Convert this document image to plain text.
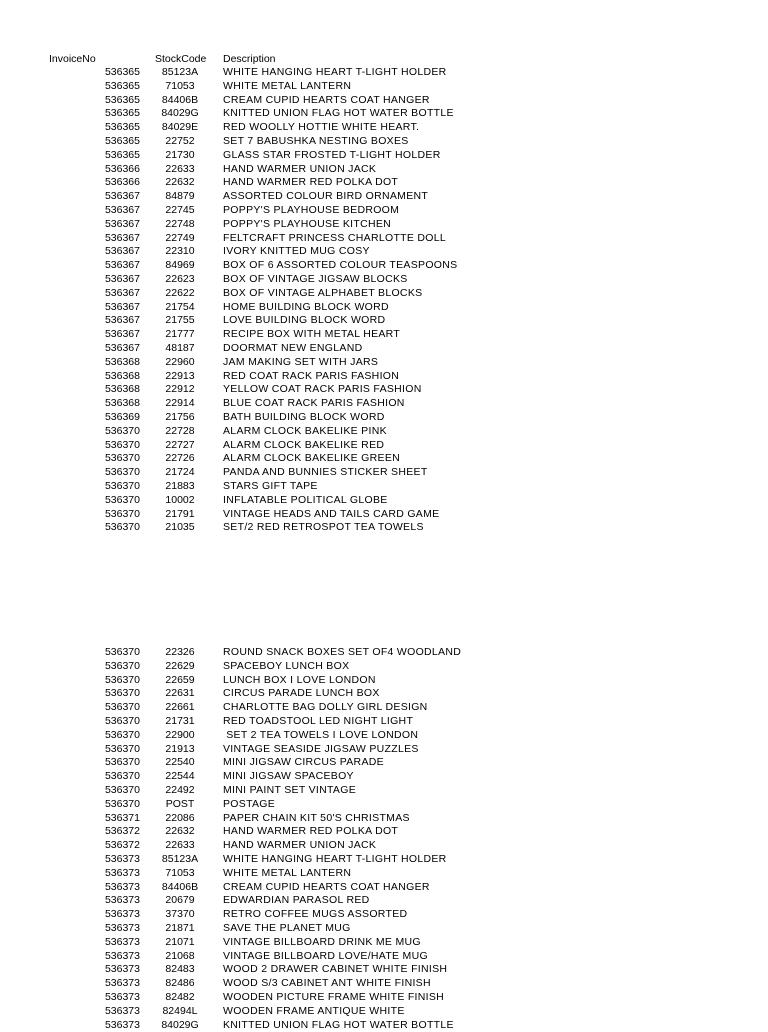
InvoiceNo	StockCode Description
536365	85123A	WHITE HANGING HEART T-LIGHT HOLDER
536365	71053	WHITE METAL LANTERN
536365	84406B	CREAM CUPID HEARTS COAT HANGER
536365	84029G	KNITTED UNION FLAG HOT WATER BOTTLE
536365	84029E	RED WOOLLY HOTTIE WHITE HEART.
536365	22752	SET 7 BABUSHKA NESTING BOXES
536365	21730	GLASS STAR FROSTED T-LIGHT HOLDER
536366	22633	HAND WARMER UNION JACK
536366	22632	HAND WARMER RED POLKA DOT
536367	84879	ASSORTED COLOUR BIRD ORNAMENT
536367	22745	POPPY'S PLAYHOUSE BEDROOM
536367	22748	POPPY'S PLAYHOUSE KITCHEN
536367	22749	FELTCRAFT PRINCESS CHARLOTTE DOLL
536367	22310	IVORY KNITTED MUG COSY
536367	84969	BOX OF 6 ASSORTED COLOUR TEASPOONS
536367	22623	BOX OF VINTAGE JIGSAW BLOCKS
536367	22622	BOX OF VINTAGE ALPHABET BLOCKS
536367	21754	HOME BUILDING BLOCK WORD
536367	21755	LOVE BUILDING BLOCK WORD
536367	21777	RECIPE BOX WITH METAL HEART
536367	48187	DOORMAT NEW ENGLAND
536368	22960	JAM MAKING SET WITH JARS
536368	22913	RED COAT RACK PARIS FASHION
536368	22912	YELLOW COAT RACK PARIS FASHION
536368	22914	BLUE COAT RACK PARIS FASHION
536369	21756	BATH BUILDING BLOCK WORD
536370	22728	ALARM CLOCK BAKELIKE PINK
536370	22727	ALARM CLOCK BAKELIKE RED
536370	22726	ALARM CLOCK BAKELIKE GREEN
536370	21724	PANDA AND BUNNIES STICKER SHEET
536370	21883	STARS GIFT TAPE
536370	10002	INFLATABLE POLITICAL GLOBE
536370	21791	VINTAGE HEADS AND TAILS CARD GAME
536370	21035	SET/2 RED RETROSPOT TEA TOWELS
536370	22326	ROUND SNACK BOXES SET OF4 WOODLAND
536370	22629	SPACEBOY LUNCH BOX
536370	22659	LUNCH BOX I LOVE LONDON
536370	22631	CIRCUS PARADE LUNCH BOX
536370	22661	CHARLOTTE BAG DOLLY GIRL DESIGN
536370	21731	RED TOADSTOOL LED NIGHT LIGHT
536370	22900	SET 2 TEA TOWELS I LOVE LONDON
536370	21913	VINTAGE SEASIDE JIGSAW PUZZLES
536370	22540	MINI JIGSAW CIRCUS PARADE
536370	22544	MINI JIGSAW SPACEBOY
536370	22492	MINI PAINT SET VINTAGE
536370	POST	POSTAGE
536371	22086	PAPER CHAIN KIT 50'S CHRISTMAS
536372	22632	HAND WARMER RED POLKA DOT
536372	22633	HAND WARMER UNION JACK
536373	85123A	WHITE HANGING HEART T-LIGHT HOLDER
536373	71053	WHITE METAL LANTERN
536373	84406B	CREAM CUPID HEARTS COAT HANGER
536373	20679	EDWARDIAN PARASOL RED
536373	37370	RETRO COFFEE MUGS ASSORTED
536373	21871	SAVE THE PLANET MUG
536373	21071	VINTAGE BILLBOARD DRINK ME MUG
536373	21068	VINTAGE BILLBOARD LOVE/HATE MUG
536373	82483	WOOD 2 DRAWER CABINET WHITE FINISH
536373	82486	WOOD S/3 CABINET ANT WHITE FINISH
536373	82482	WOODEN PICTURE FRAME WHITE FINISH
536373	82494L	WOODEN FRAME ANTIQUE WHITE
536373	84029G	KNITTED UNION FLAG HOT WATER BOTTLE
